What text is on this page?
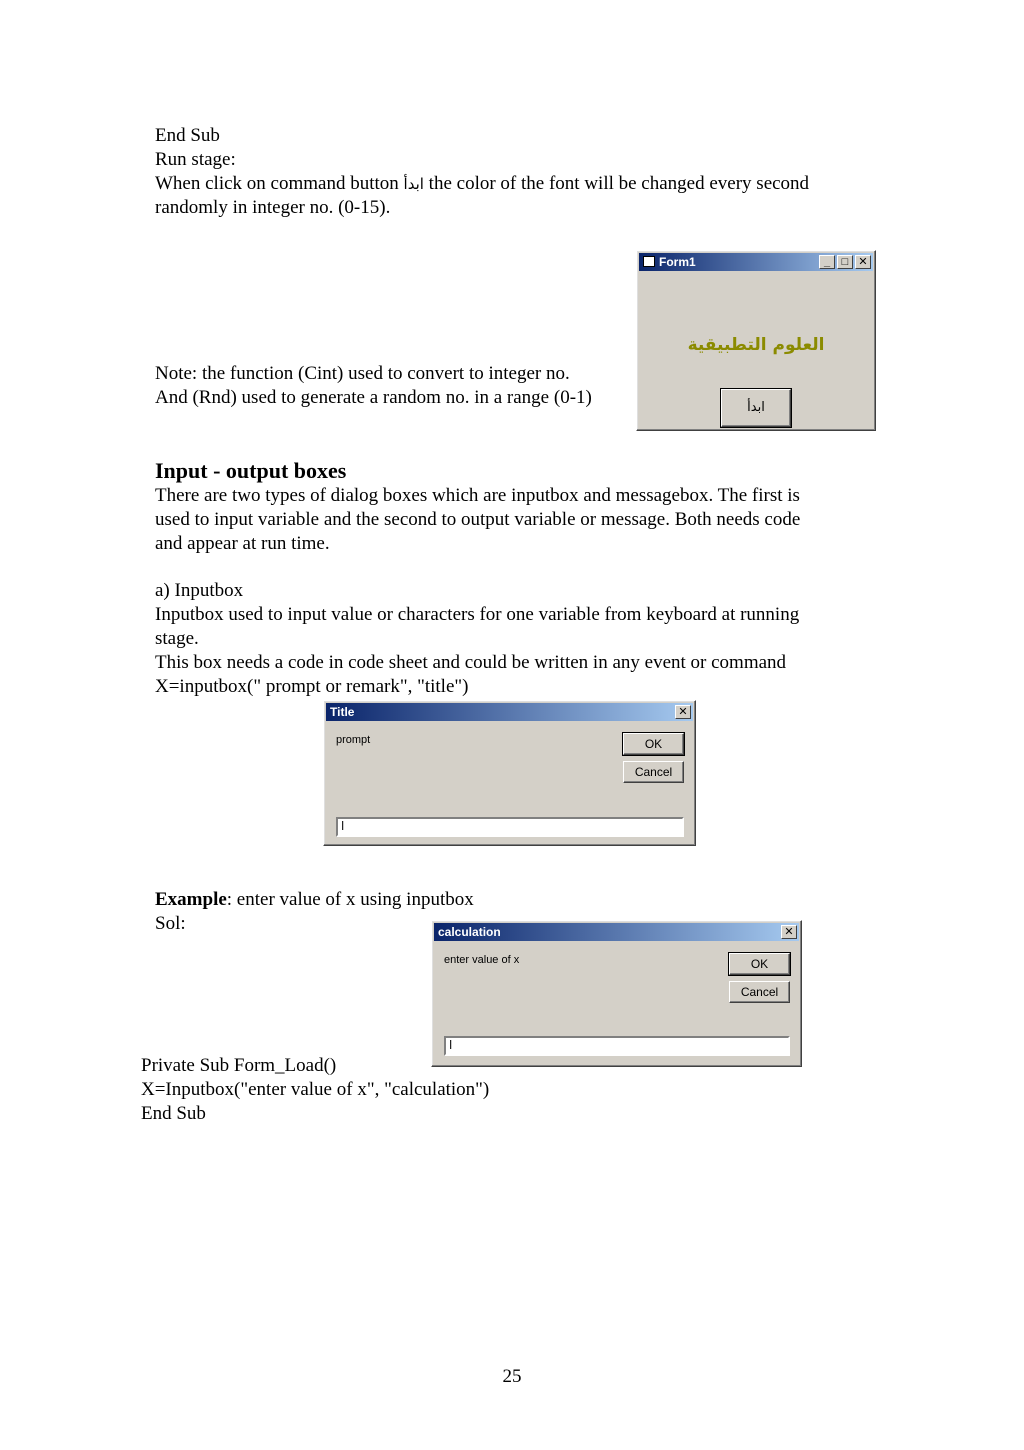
End Sub
Run stage:
When click on command button ابدأ the color of the font will be changed every second
randomly in integer no. (0-15).
Form1	_	□ ✕
العلوم التطبيقية
ابدأ
Note: the function (Cint) used to convert to integer no.
And (Rnd) used to generate a random no. in a range (0-1)
Input - output boxes
There are two types of dialog boxes which are inputbox and messagebox. The first is
used to input variable and the second to output variable or message. Both needs code
and appear at run time.
a) Inputbox
Inputbox used to input value or characters for one variable from keyboard at running
stage.
This box needs a code in code sheet and could be written in any event or command
X=inputbox(" prompt or remark", "title")
Title	✕
prompt	OK
Cancel
ا
Example: enter value of x using inputbox
Sol:	calculation	✕
enter value of x	OK
Cancel
ا
Private Sub Form_Load()
X=Inputbox("enter value of x", "calculation")
End Sub
25
